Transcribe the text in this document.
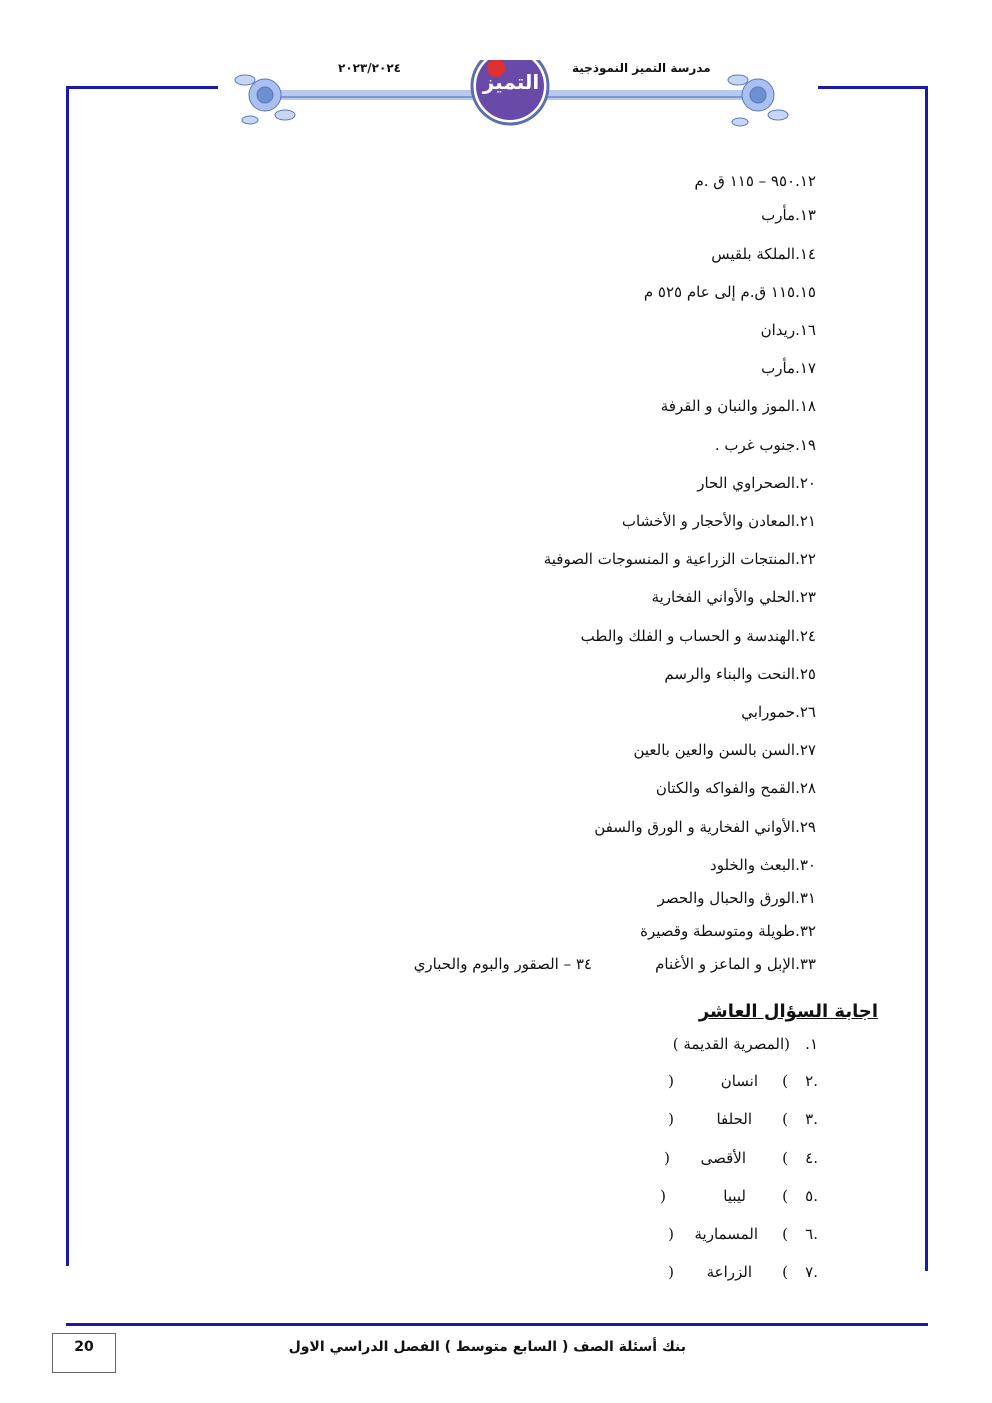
التميز
مدرسة التميز النموذجية
٢٠٢٣/٢٠٢٤
١٢.٩٥٠ – ١١٥ ق .م
١٣.مأرب
١٤.الملكة بلقيس
١٥.١١٥ ق.م إلى عام ٥٢٥ م
١٦.ريدان
١٧.مأرب
١٨.الموز والنبان و القرفة
١٩.جنوب غرب .
٢٠.الصحراوي الحار
٢١.المعادن والأحجار و الأخشاب
٢٢.المنتجات الزراعية و المنسوجات الصوفية
٢٣.الحلي والأواني الفخارية
٢٤.الهندسة و الحساب و الفلك والطب
٢٥.النحت والبناء والرسم
٢٦.حمورابي
٢٧.السن بالسن والعين بالعين
٢٨.القمح والفواكه والكتان
٢٩.الأواني الفخارية و الورق والسفن
٣٠.البعث والخلود
٣١.الورق والحبال والحصر
٣٢.طويلة ومتوسطة وقصيرة
٣٣.الإبل و الماعز و الأغنام
٣٤ – الصقور والبوم والحباري
اجابة السؤال العاشر
١.
(المصرية القديمة )
٢.
(
انسان
)
٣.
(
الحلفا
)
٤.
(
الأقصى
)
٥.
(
ليبيا
)
٦.
(
المسمارية
)
٧.
(
الزراعة
)
بنك أسئلة الصف ( السابع متوسط ) الفصل الدراسي الاول
20
